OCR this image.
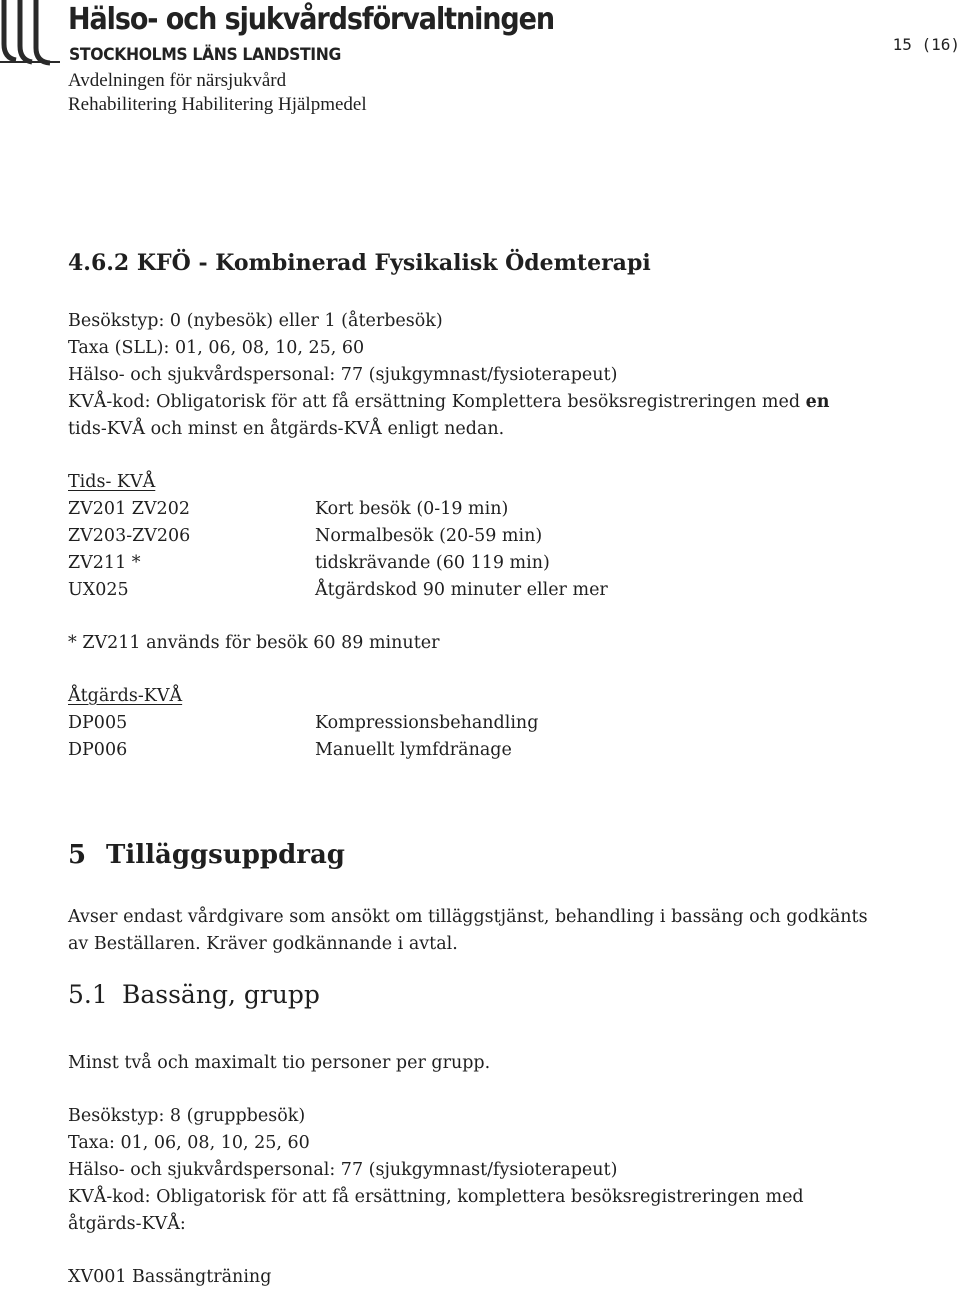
Hälso- och sjukvårdsförvaltningen
STOCKHOLMS LÄNS LANDSTING
Avdelningen för närsjukvård
Rehabilitering Habilitering Hjälpmedel
15 (16)
4.6.2 KFÖ - Kombinerad Fysikalisk Ödemterapi
Besökstyp: 0 (nybesök) eller 1 (återbesök)
Taxa (SLL): 01, 06, 08, 10, 25, 60
Hälso- och sjukvårdspersonal: 77 (sjukgymnast/fysioterapeut)
KVÅ-kod: Obligatorisk för att få ersättning Komplettera besöksregistreringen med en
tids-KVÅ och minst en åtgärds-KVÅ enligt nedan.
Tids- KVÅ
ZV201 ZV202	Kort besök (0-19 min)
ZV203-ZV206	Normalbesök (20-59 min)
ZV211 *	tidskrävande (60 119 min)
UX025	Åtgärdskod 90 minuter eller mer
* ZV211 används för besök 60 89 minuter
Åtgärds-KVÅ
DP005	Kompressionsbehandling
DP006	Manuellt lymfdränage
5 Tilläggsuppdrag
Avser endast vårdgivare som ansökt om tilläggstjänst, behandling i bassäng och godkänts
av Beställaren. Kräver godkännande i avtal.
5.1 Bassäng, grupp
Minst två och maximalt tio personer per grupp.
Besökstyp: 8 (gruppbesök)
Taxa: 01, 06, 08, 10, 25, 60
Hälso- och sjukvårdspersonal: 77 (sjukgymnast/fysioterapeut)
KVÅ-kod: Obligatorisk för att få ersättning, komplettera besöksregistreringen med
åtgärds-KVÅ:
XV001 Bassängträning
